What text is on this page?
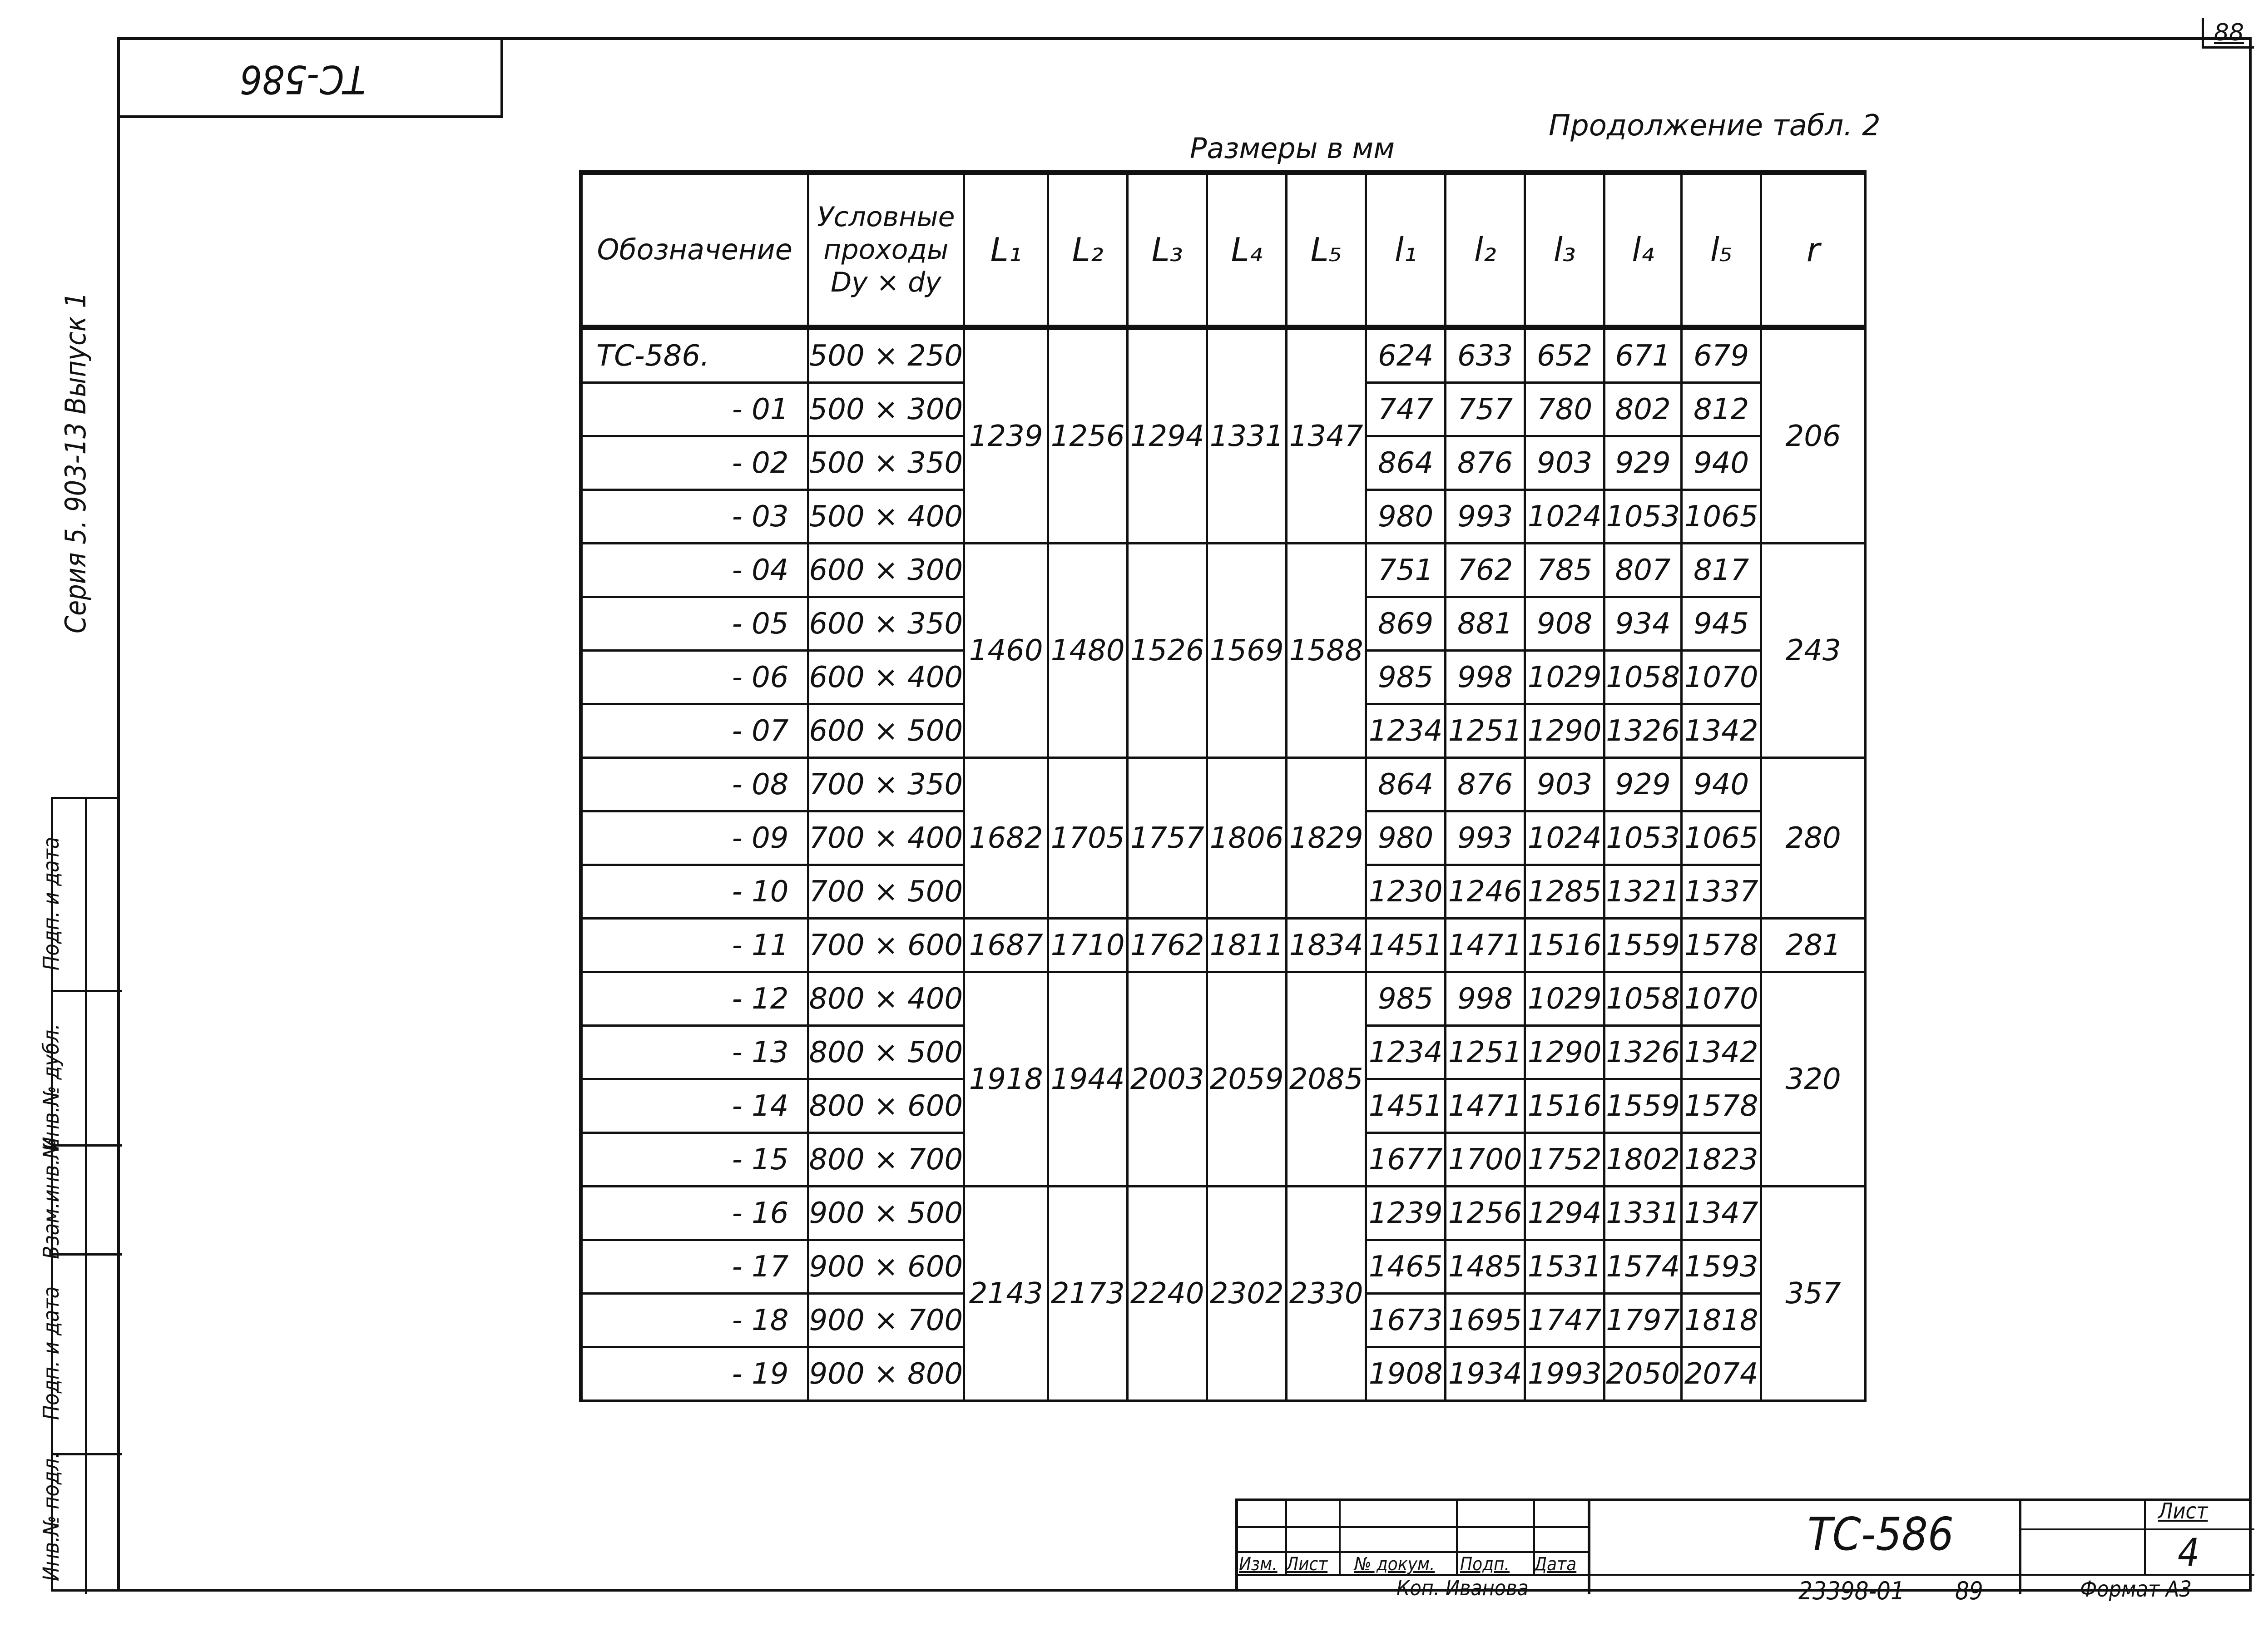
88
ТС-586
Серия 5. 903-13 Выпуск 1
Инв.№ подл.
Подп. и дата
Взам.инв.№
Инв.№ дубл.
Подп. и дата
Продолжение табл. 2
Размеры в мм
Обозначение	Условные
проходы
Dу × dу	L₁	L₂	L₃	L₄	L₅	l₁	l₂	l₃	l₄	l₅	r
ТС-586.	500 × 250	1239	1256	1294	1331	1347	624	633	652	671	679	206
- 01	500 × 300						747	757	780	802	812	
- 02	500 × 350						864	876	903	929	940	
- 03	500 × 400						980	993	1024	1053	1065	
- 04	600 × 300	1460	1480	1526	1569	1588	751	762	785	807	817	243
- 05	600 × 350						869	881	908	934	945	
- 06	600 × 400						985	998	1029	1058	1070	
- 07	600 × 500						1234	1251	1290	1326	1342	
- 08	700 × 350	1682	1705	1757	1806	1829	864	876	903	929	940	280
- 09	700 × 400						980	993	1024	1053	1065	
- 10	700 × 500						1230	1246	1285	1321	1337	
- 11	700 × 600	1687	1710	1762	1811	1834	1451	1471	1516	1559	1578	281
- 12	800 × 400	1918	1944	2003	2059	2085	985	998	1029	1058	1070	320
- 13	800 × 500						1234	1251	1290	1326	1342	
- 14	800 × 600						1451	1471	1516	1559	1578	
- 15	800 × 700						1677	1700	1752	1802	1823	
- 16	900 × 500	2143	2173	2240	2302	2330	1239	1256	1294	1331	1347	357
- 17	900 × 600						1465	1485	1531	1574	1593	
- 18	900 × 700						1673	1695	1747	1797	1818	
- 19	900 × 800						1908	1934	1993	2050	2074	
Изм. Лист № докум. Подп. Дата
Коп. Иванова
ТС-586	Лист
4
23398-01 89	Формат А3
